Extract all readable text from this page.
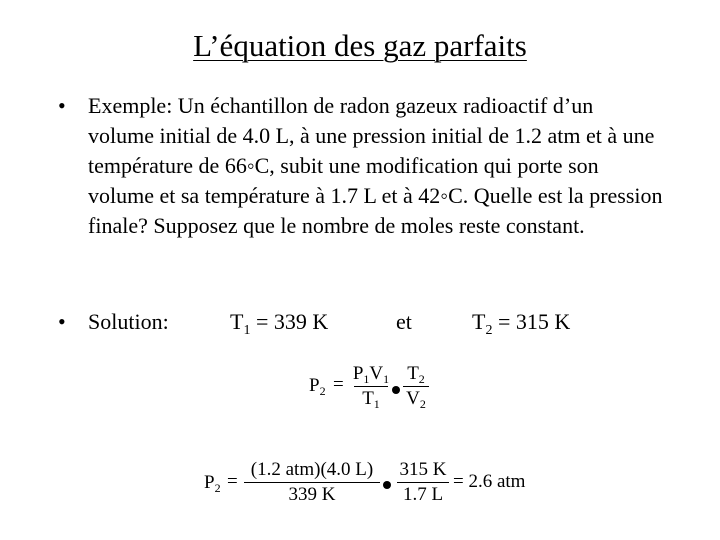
L’équation des gaz parfaits
• Exemple: Un échantillon de radon gazeux radioactif d’un volume initial de 4.0 L, à une pression initial de 1.2 atm et à une température de 66◦C, subit une modification qui porte son volume et sa température à 1.7 L et à 42◦C. Quelle est la pression finale? Supposez que le nombre de moles reste constant.
• Solution:	$T_1 = 339$ K	et	$T_2 = 315$ K
$P_2$ =
$P_1V_1$
$T_1$
$T_2$
$V_2$
$P_2$ =
(1.2 atm)(4.0 L)
339 K
315 K
1.7 L
= 2.6 atm
